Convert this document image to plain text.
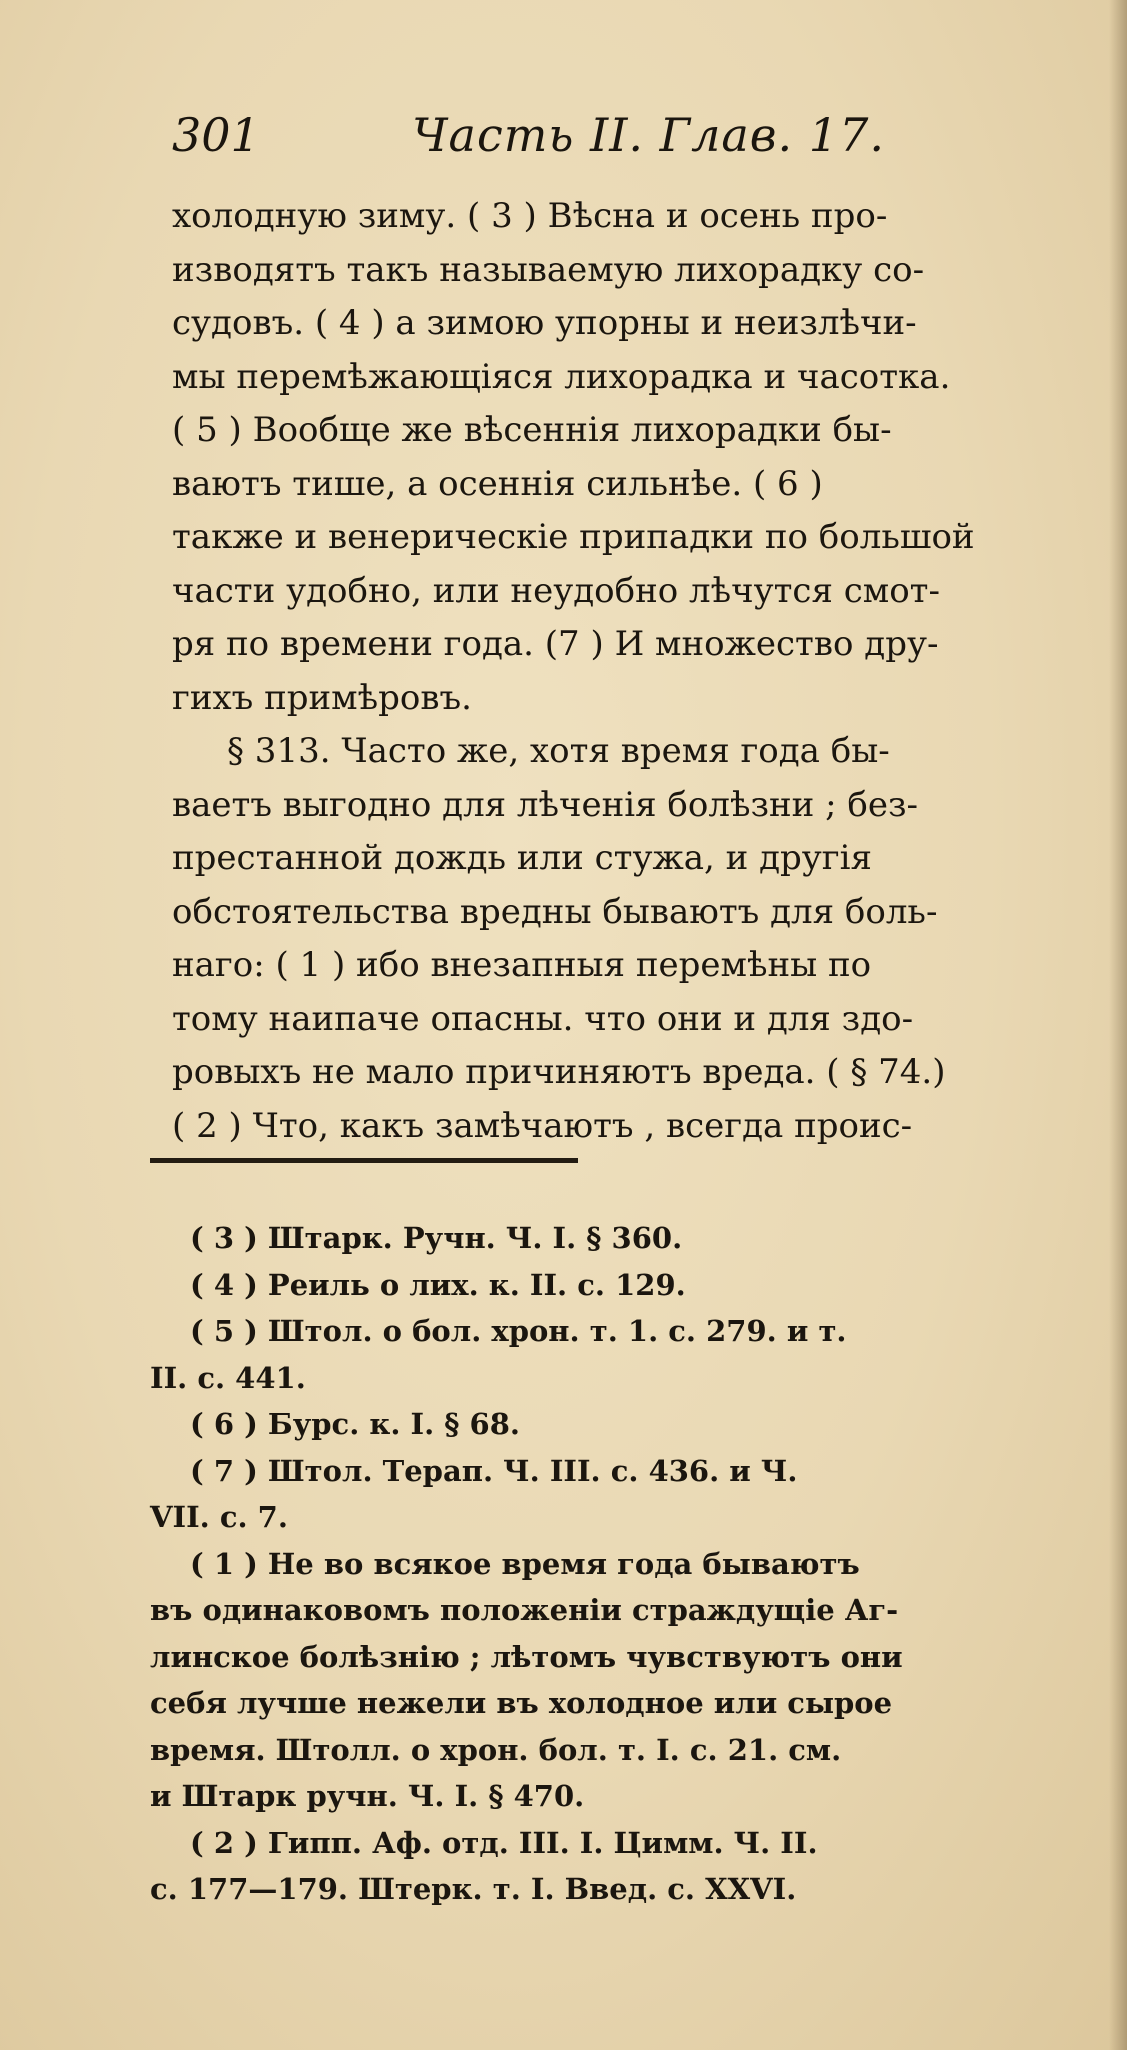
301	Часть II. Глав. 17.
холодную зиму. ( 3 ) Вѣсна и осень про-
изводятъ такъ называемую лихорадку со-
судовъ. ( 4 ) а зимою упорны и неизлѣчи-
мы перемѣжающіяся лихорадка и часотка.
( 5 ) Вообще же вѣсеннія лихорадки бы-
ваютъ тише, а осеннія сильнѣе. ( 6 )
также и венерическіе припадки по большой
части удобно, или неудобно лѣчутся смот-
ря по времени года. (7 ) И множество дру-
гихъ примѣровъ.
§ 313. Часто же, хотя время года бы-
ваетъ выгодно для лѣченія болѣзни ; без-
престанной дождь или стужа, и другія
обстоятельства вредны бываютъ для боль-
наго: ( 1 ) ибо внезапныя перемѣны по
тому наипаче опасны. что они и для здо-
ровыхъ не мало причиняютъ вреда. ( § 74.)
( 2 ) Что, какъ замѣчаютъ , всегда проис-
( 3 ) Штарк. Ручн. Ч. I. § 360.
( 4 ) Реиль о лих. к. II. с. 129.
( 5 ) Штол. о бол. хрон. т. 1. с. 279. и т.
II. с. 441.
( 6 ) Бурс. к. I. § 68.
( 7 ) Штол. Терап. Ч. III. с. 436. и Ч.
VII. с. 7.
( 1 ) Не во всякое время года бываютъ
въ одинаковомъ положеніи страждущіе Аг-
линское болѣзнію ; лѣтомъ чувствуютъ они
себя лучше нежели въ холодное или сырое
время. Штолл. о хрон. бол. т. I. с. 21. см.
и Штарк ручн. Ч. I. § 470.
( 2 ) Гипп. Аф. отд. III. I. Цимм. Ч. II.
с. 177—179. Штерк. т. I. Введ. с. XXVI.
